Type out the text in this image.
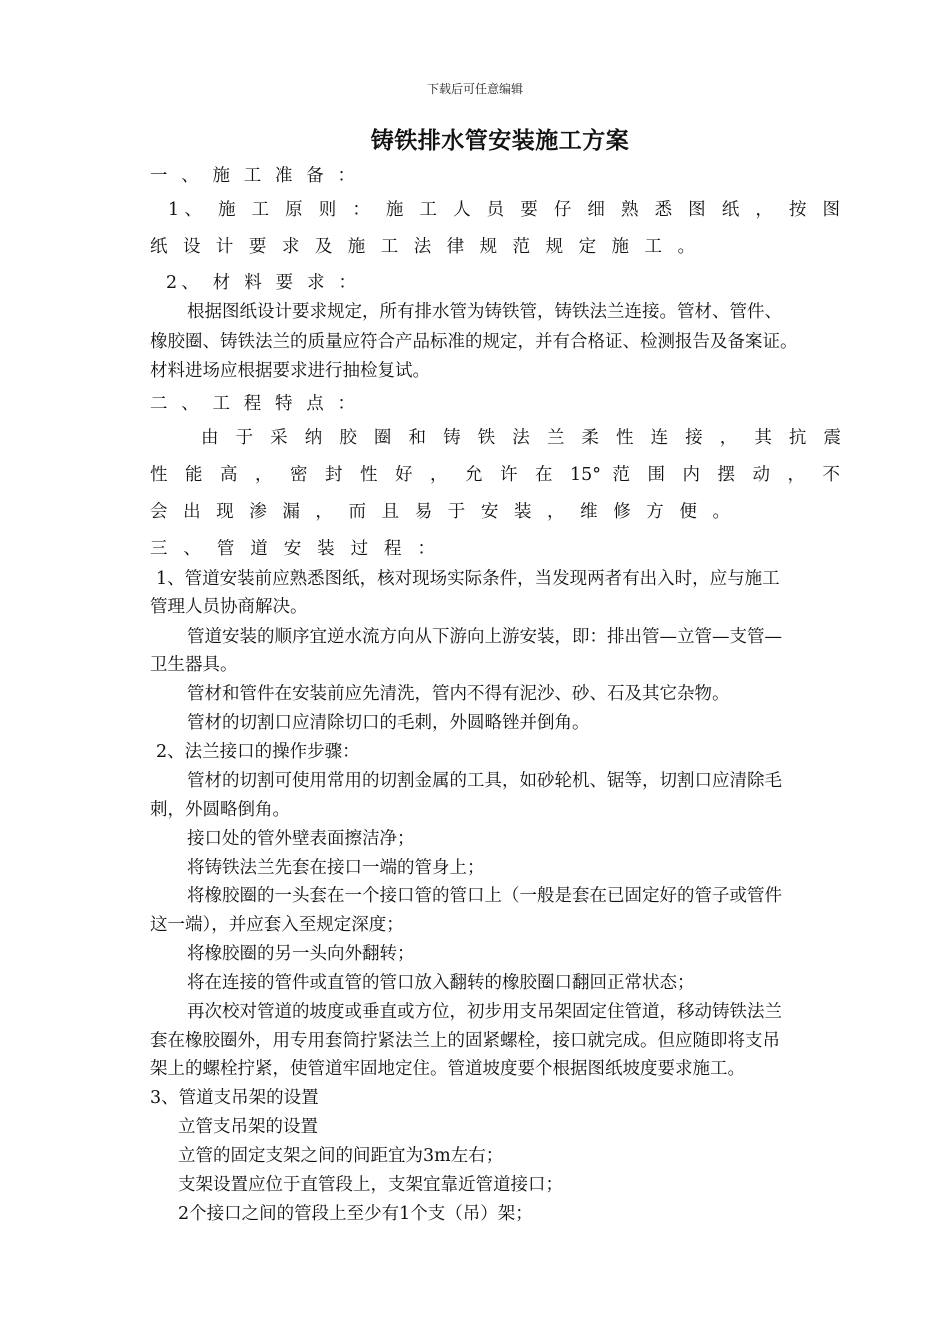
下载后可任意编辑
铸铁排水管安装施工方案
一 、 施 工 准 备 ：
1、 施 工 原 则 ： 施 工 人 员 要 仔 细 熟 悉 图 纸 ， 按 图
纸 设 计 要 求 及 施 工 法 律 规 范 规 定 施 工 。
2、 材 料 要 求 ：
根据图纸设计要求规定，所有排水管为铸铁管，铸铁法兰连接。管材、管件、
橡胶圈、铸铁法兰的质量应符合产品标准的规定，并有合格证、检测报告及备案证。
材料进场应根据要求进行抽检复试。
二 、 工 程 特 点 ：
由 于 采 纳 胶 圈 和 铸 铁 法 兰 柔 性 连 接 ， 其 抗 震
性 能 高 ， 密 封 性 好 ， 允 许 在 15° 范 围 内 摆 动 ， 不
会 出 现 渗 漏 ， 而 且 易 于 安 装 ， 维 修 方 便 。
三 、 管 道 安 装 过 程 ：
1、管道安装前应熟悉图纸，核对现场实际条件，当发现两者有出入时，应与施工
管理人员协商解决。
管道安装的顺序宜逆水流方向从下游向上游安装，即：排出管—立管—支管—
卫生器具。
管材和管件在安装前应先清洗，管内不得有泥沙、砂、石及其它杂物。
管材的切割口应清除切口的毛刺，外圆略锉并倒角。
2、法兰接口的操作步骤：
管材的切割可使用常用的切割金属的工具，如砂轮机、锯等，切割口应清除毛
刺，外圆略倒角。
接口处的管外壁表面擦洁净；
将铸铁法兰先套在接口一端的管身上；
将橡胶圈的一头套在一个接口管的管口上（一般是套在已固定好的管子或管件
这一端），并应套入至规定深度；
将橡胶圈的另一头向外翻转；
将在连接的管件或直管的管口放入翻转的橡胶圈口翻回正常状态；
再次校对管道的坡度或垂直或方位，初步用支吊架固定住管道，移动铸铁法兰
套在橡胶圈外，用专用套筒拧紧法兰上的固紧螺栓，接口就完成。但应随即将支吊
架上的螺栓拧紧，使管道牢固地定住。管道坡度要个根据图纸坡度要求施工。
3、管道支吊架的设置
立管支吊架的设置
立管的固定支架之间的间距宜为3m左右；
支架设置应位于直管段上，支架宜靠近管道接口；
2个接口之间的管段上至少有1个支（吊）架；
